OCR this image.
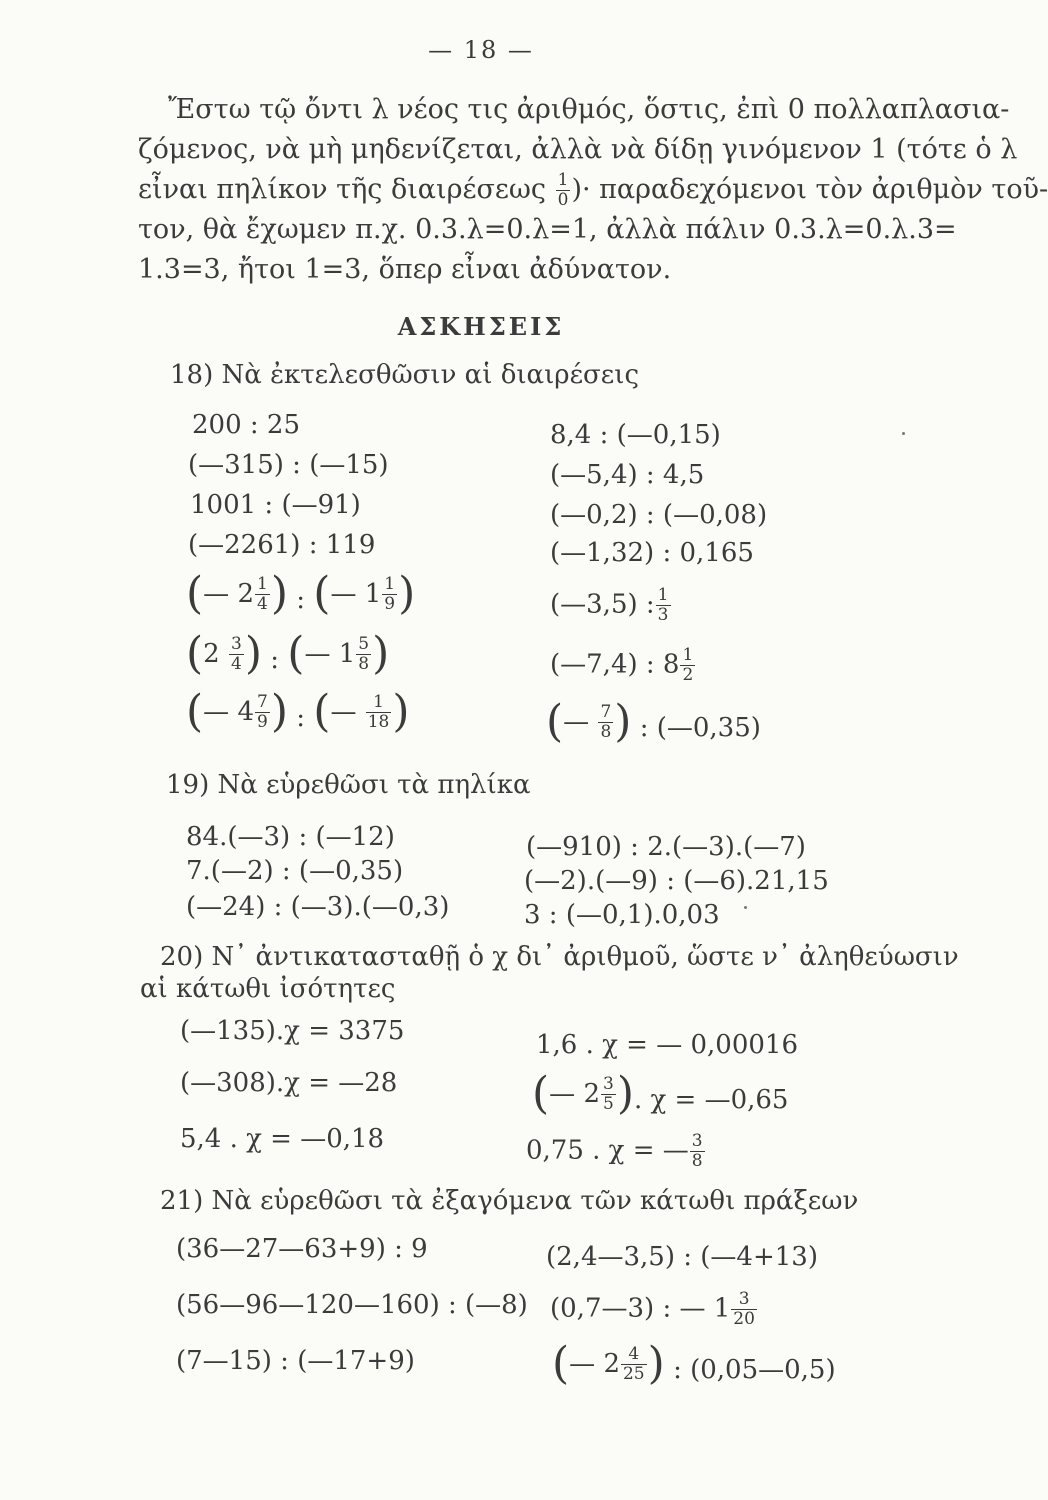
— 18 —
Ἔστω τῷ ὄντι λ νέος τις ἀριθμός, ὅστις, ἐπὶ 0 πολλαπλασια-
ζόμενος, νὰ μὴ μηδενίζεται, ἀλλὰ νὰ δίδῃ γινόμενον 1 (τότε ὁ λ
εἶναι πηλίκον τῆς διαιρέσεως $\frac{1}{0}$ )· παραδεχόμενοι τὸν ἀριθμὸν τοῦ-
τον, θὰ ἔχωμεν π.χ. 0.3.λ=0.λ=1, ἀλλὰ πάλιν 0.3.λ=0.λ.3=
1.3=3, ἤτοι 1=3, ὅπερ εἶναι ἀδύνατον.
ΑΣΚΗΣΕΙΣ
18) Νὰ ἐκτελεσθῶσιν αἱ διαιρέσεις
200 : 25
(—315) : (—15)
1001 : (—91)
(—2261) : 119
8,4 : (—0,15)
(—5,4) : 4,5
(—0,2) : (—0,08)
(—1,32) : 0,165
( —
2 1
4 ) : ( —
1 1
9 )
( 2
3
4 ) : ( —
1 5
8 )
( —
4 7
9 ) : ( —
1
18 )
(—3,5) : $\frac{1}{3}$
(—7,4) : $8 \frac{1}{2}$
( —
7
8 ) : (—0,35)
19) Νὰ εὑρεθῶσι τὰ πηλίκα
84.(—3) : (—12)
7.(—2) : (—0,35)
(—24) : (—3).(—0,3)
(—910) : 2.(—3).(—7)
(—2).(—9) : (—6).21,15
3 : (—0,1).0,03
20) Ν᾽ ἀντικατασταθῇ ὁ χ δι᾽ ἀριθμοῦ, ὥστε ν᾽ ἀληθεύωσιν
αἱ κάτωθι ἰσότητες
(—135).χ = 3375
(—308).χ = —28
5,4 . χ = —0,18
1,6 . χ = — 0,00016
( —
2 3
5 ) . χ = —0,65
0,75 . χ = — $\frac{3}{8}$
21) Νὰ εὑρεθῶσι τὰ ἐξαγόμενα τῶν κάτωθι πράξεων
(36—27—63+9) : 9
(56—96—120—160) : (—8)
(7—15) : (—17+9)
(2,4—3,5) : (—4+13)
(0,7—3) : — $1 \frac{3}{20}$
( —
2 4
25 ) : (0,05—0,5)
